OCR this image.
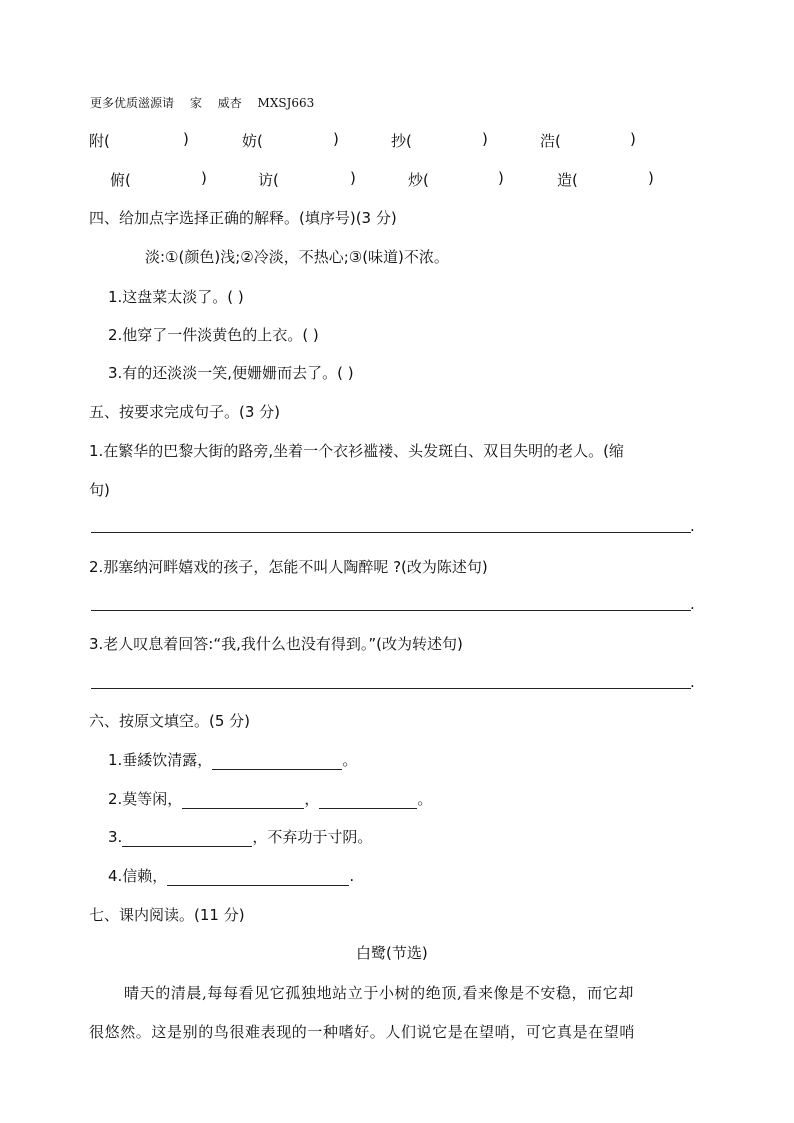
更多优质滋源请 家 威杏 MXSJ663
附(	)	妨(	)	抄(	)	浩(	)
俯(	)	访(	)	炒(	)	造(	)
四、给加点字选择正确的解释。(填序号)(3 分)
淡:①(颜色)浅;②冷淡，不热心;③(味道)不浓。
1.这盘菜太淡了。( )
2.他穿了一件淡黄色的上衣。( )
3.有的还淡淡一笑,便姗姗而去了。( )
五、按要求完成句子。(3 分)
1.在繁华的巴黎大街的路旁,坐着一个衣衫褴褛、头发斑白、双目失明的老人。(缩
句)
.
2.那塞纳河畔嬉戏的孩子，怎能不叫人陶醉呢 ?(改为陈述句)
.
3.老人叹息着回答:“我,我什么也没有得到。”(改为转述句)
.
六、按原文填空。(5 分)
1.垂緌饮清露，	。
2.莫等闲，	，	。
3.	，不弃功于寸阴。
4.信赖，	.
七、课内阅读。(11 分)
白鹭(节选)
晴天的清晨,每每看见它孤独地站立于小树的绝顶,看来像是不安稳，而它却
很悠然。这是别的鸟很难表现的一种嗜好。人们说它是在望哨，可它真是在望哨
